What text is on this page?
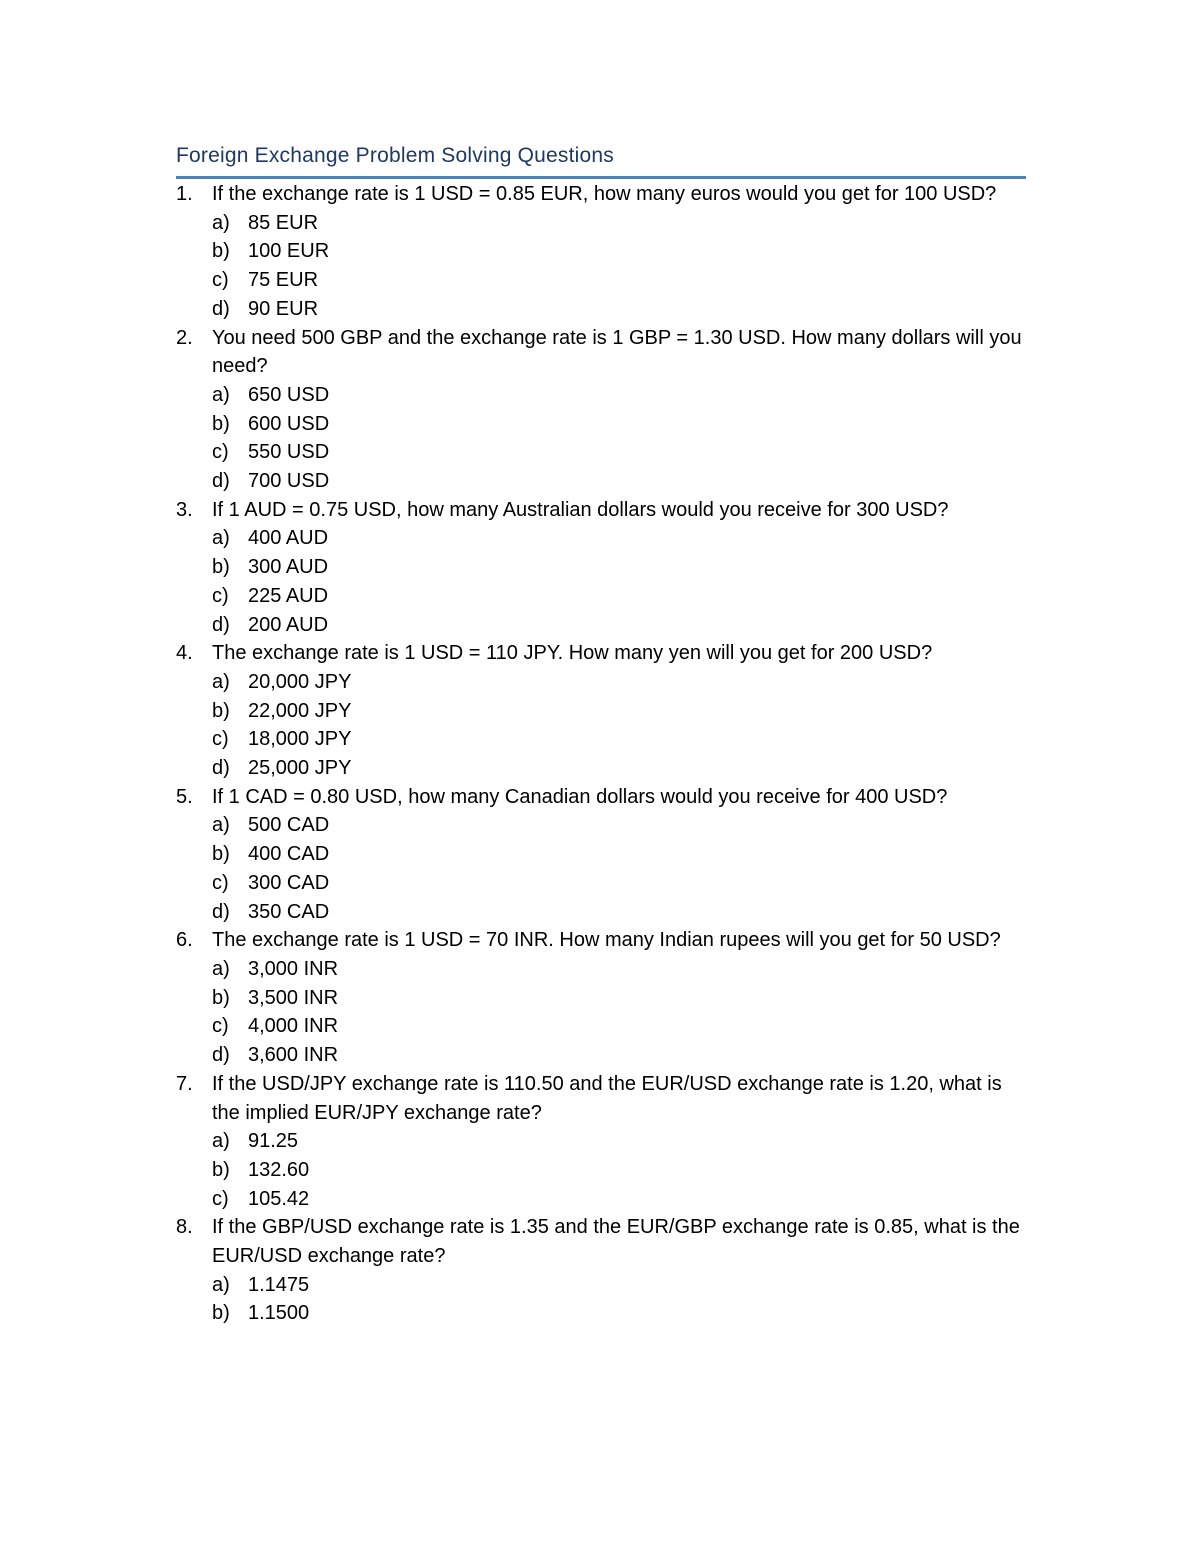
Foreign Exchange Problem Solving Questions
1. If the exchange rate is 1 USD = 0.85 EUR, how many euros would you get for 100 USD?
a) 85 EUR
b) 100 EUR
c) 75 EUR
d) 90 EUR
2. You need 500 GBP and the exchange rate is 1 GBP = 1.30 USD. How many dollars will you need?
a) 650 USD
b) 600 USD
c) 550 USD
d) 700 USD
3. If 1 AUD = 0.75 USD, how many Australian dollars would you receive for 300 USD?
a) 400 AUD
b) 300 AUD
c) 225 AUD
d) 200 AUD
4. The exchange rate is 1 USD = 110 JPY. How many yen will you get for 200 USD?
a) 20,000 JPY
b) 22,000 JPY
c) 18,000 JPY
d) 25,000 JPY
5. If 1 CAD = 0.80 USD, how many Canadian dollars would you receive for 400 USD?
a) 500 CAD
b) 400 CAD
c) 300 CAD
d) 350 CAD
6. The exchange rate is 1 USD = 70 INR. How many Indian rupees will you get for 50 USD?
a) 3,000 INR
b) 3,500 INR
c) 4,000 INR
d) 3,600 INR
7. If the USD/JPY exchange rate is 110.50 and the EUR/USD exchange rate is 1.20, what is the implied EUR/JPY exchange rate?
a) 91.25
b) 132.60
c) 105.42
8. If the GBP/USD exchange rate is 1.35 and the EUR/GBP exchange rate is 0.85, what is the EUR/USD exchange rate?
a) 1.1475
b) 1.1500
